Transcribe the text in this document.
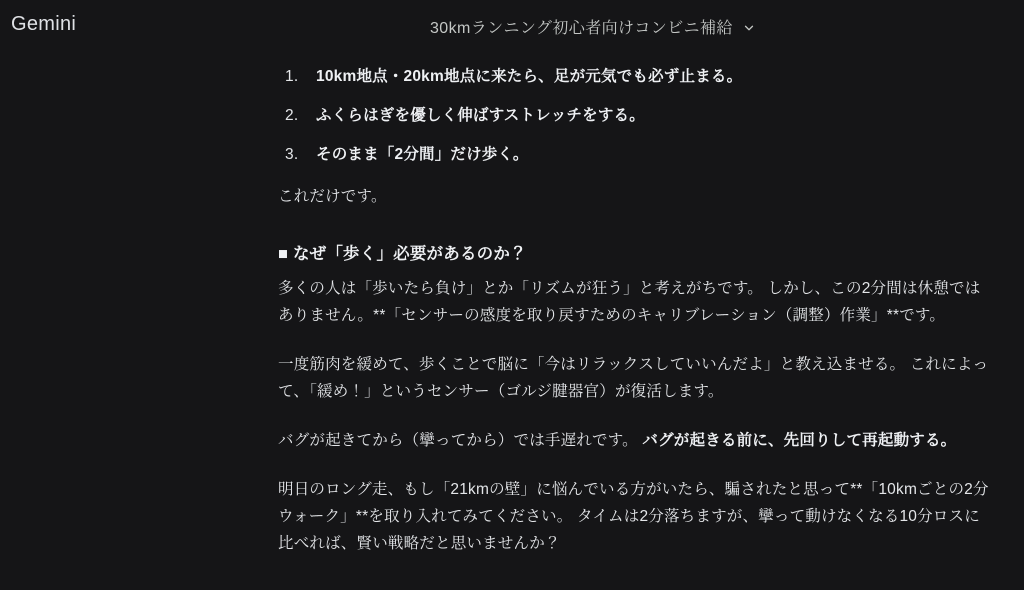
Gemini	30kmランニング初心者向けコンビニ補給
1.	10km地点・20km地点に来たら、足が元気でも必ず止まる。
2.	ふくらはぎを優しく伸ばすストレッチをする。
3.	そのまま「2分間」だけ歩く。

これだけです。

■ なぜ「歩く」必要があるのか？

多くの人は「歩いたら負け」とか「リズムが狂う」と考えがちです。 しかし、この2分間は休憩ではありません。**「センサーの感度を取り戻すためのキャリブレーション（調整）作業」**です。

一度筋肉を緩めて、歩くことで脳に「今はリラックスしていいんだよ」と教え込ませる。 これによって、「緩め！」というセンサー（ゴルジ腱器官）が復活します。

バグが起きてから（攣ってから）では手遅れです。 バグが起きる前に、先回りして再起動する。

明日のロング走、もし「21kmの壁」に悩んでいる方がいたら、騙されたと思って**「10kmごとの2分ウォーク」**を取り入れてみてください。 タイムは2分落ちますが、攣って動けなくなる10分ロスに比べれば、賢い戦略だと思いませんか？
